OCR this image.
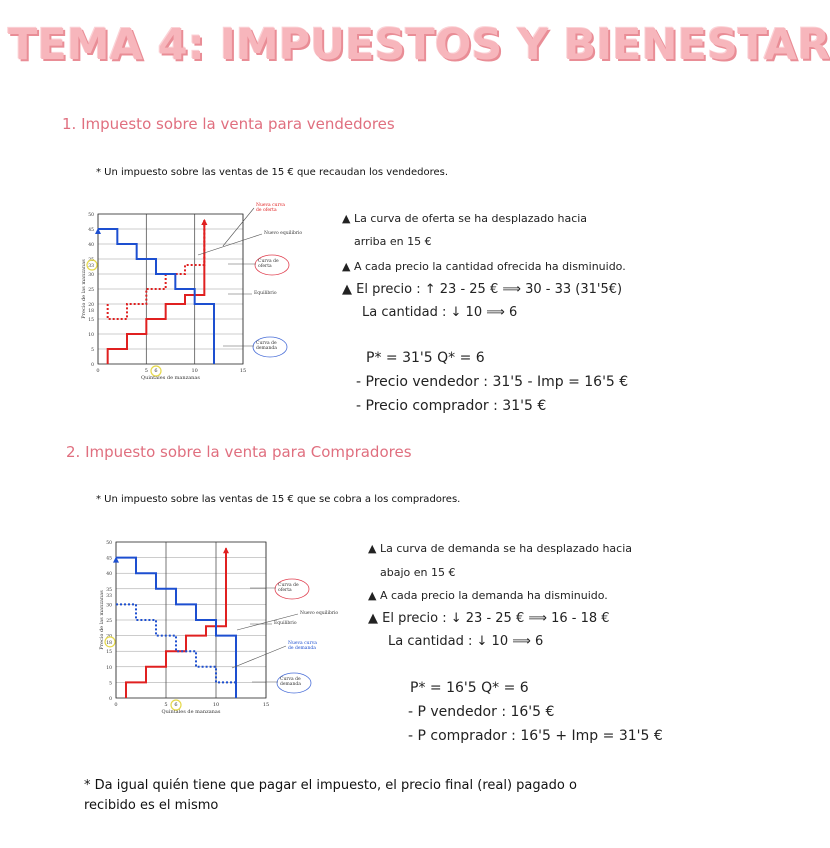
TEMA 4: IMPUESTOS Y BIENESTAR
1. Impuesto sobre la venta para vendedores
* Un impuesto sobre las ventas de 15 € que recaudan los vendedores.
0
5
10
15
18
20
25
30
33
35
40
45
50
0	5 6	10	15
Quintales de manzanas
Precio de las manzanas
Nueva curva
de oferta
Nuevo equilibrio
Curva de
oferta
Equilibrio
Curva de
demanda
▲ La curva de oferta se ha desplazado hacia
arriba en 15 €
▲ A cada precio la cantidad ofrecida ha disminuido.
▲ El precio : ↑ 23 - 25 € ⟹ 30 - 33 (31'5€)
La cantidad : ↓ 10 ⟹ 6
P* = 31'5 Q* = 6
- Precio vendedor : 31'5 - Imp = 16'5 €
- Precio comprador : 31'5 €
2. Impuesto sobre la venta para Compradores
* Un impuesto sobre las ventas de 15 € que se cobra a los compradores.
0
5
10
15
18
20
25
30
33
35
40
45
50
0	5 6	10	15
Quintales de manzanas
Precio de las manzanas
Curva de
oferta
Nuevo equilibrio
Equilibrio
Nueva curva
de demanda
Curva de
demanda
▲ La curva de demanda se ha desplazado hacia
abajo en 15 €
▲ A cada precio la demanda ha disminuido.
▲ El precio : ↓ 23 - 25 € ⟹ 16 - 18 €
La cantidad : ↓ 10 ⟹ 6
P* = 16'5 Q* = 6
- P vendedor : 16'5 €
- P comprador : 16'5 + Imp = 31'5 €
* Da igual quién tiene que pagar el impuesto, el precio final (real) pagado o recibido es el mismo
